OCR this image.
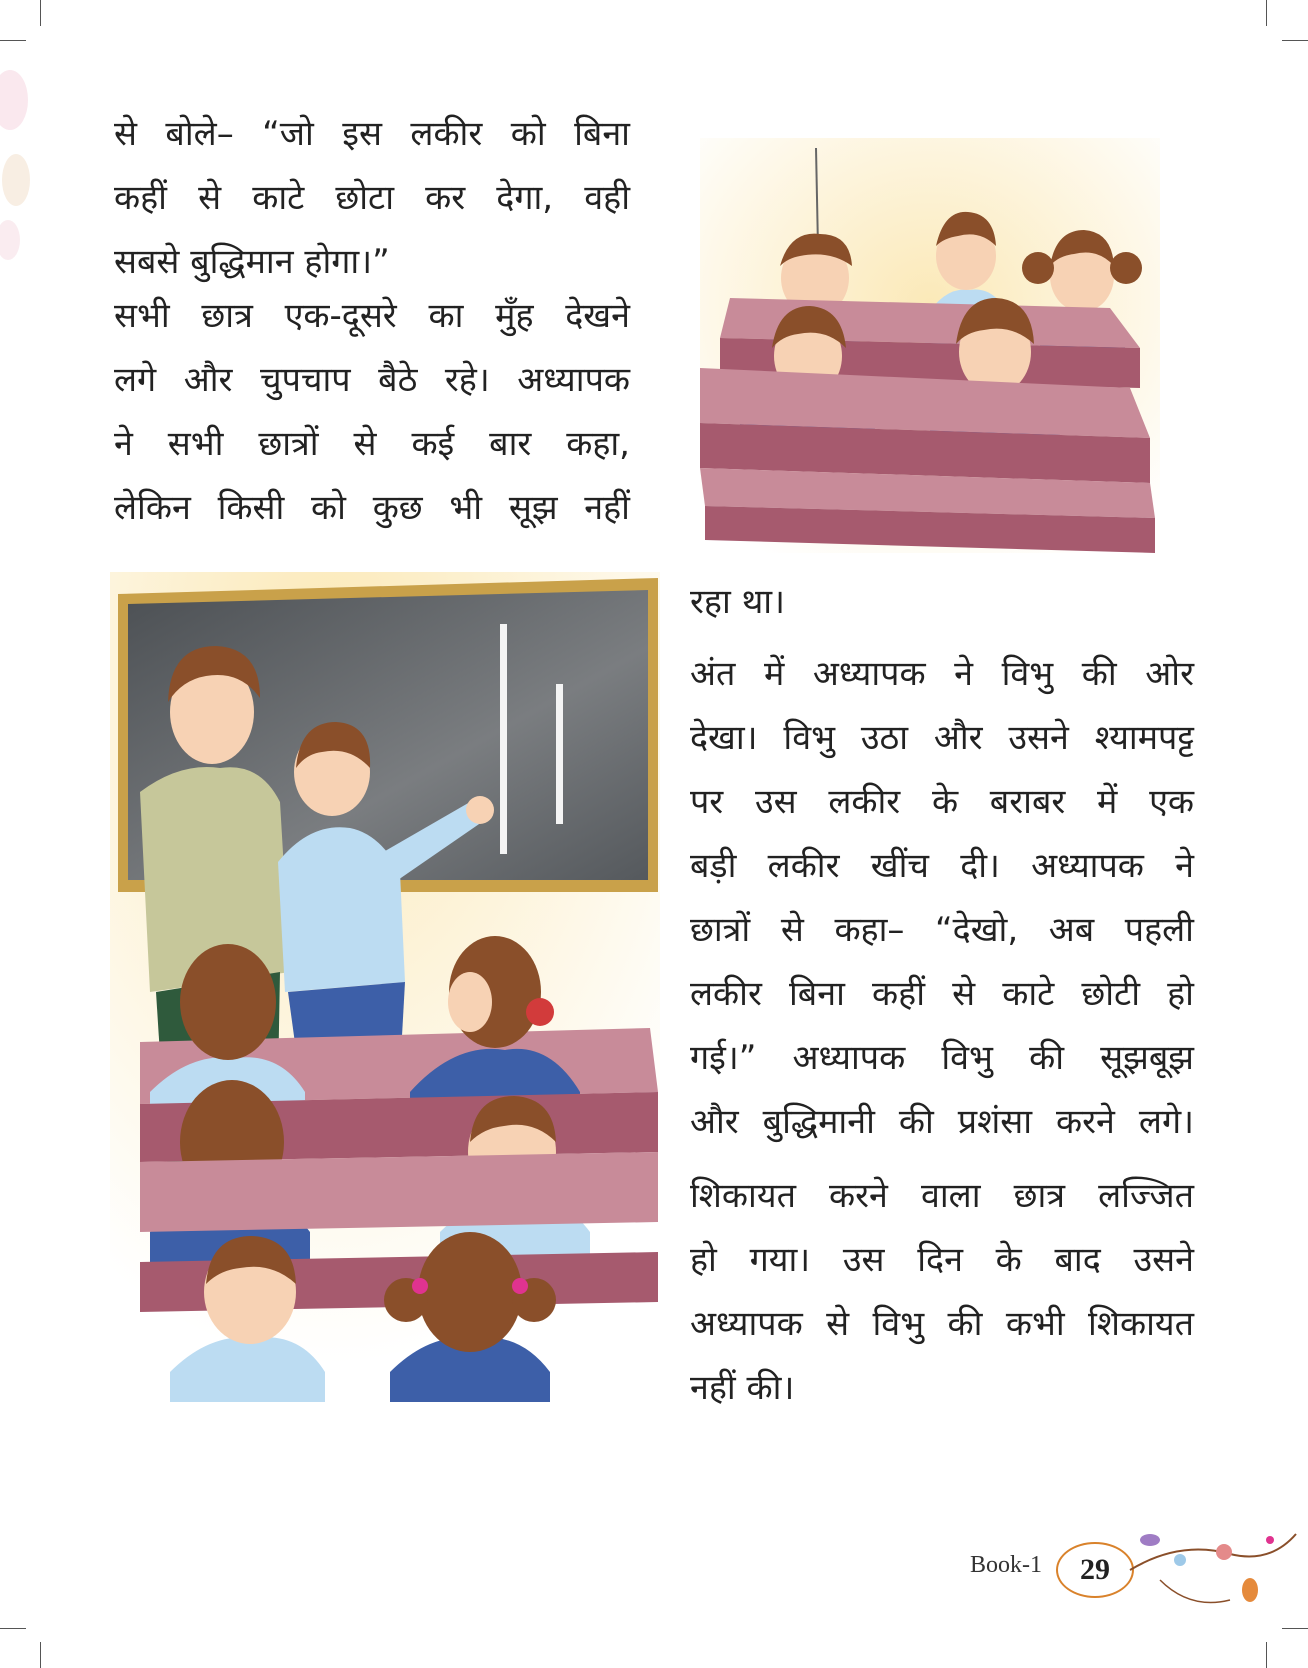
से बोले– “जो इस लकीर को बिना
कहीं से काटे छोटा कर देगा, वही
सबसे बुद्धिमान होगा।”
सभी छात्र एक-दूसरे का मुँह देखने
लगे और चुपचाप बैठे रहे। अध्यापक
ने सभी छात्रों से कई बार कहा,
लेकिन किसी को कुछ भी सूझ नहीं
रहा था।
अंत में अध्यापक ने विभु की ओर
देखा। विभु उठा और उसने श्यामपट्ट
पर उस लकीर के बराबर में एक
बड़ी लकीर खींच दी। अध्यापक ने
छात्रों से कहा– “देखो, अब पहली
लकीर बिना कहीं से काटे छोटी हो
गई।” अध्यापक विभु की सूझबूझ
और बुद्धिमानी की प्रशंसा करने लगे।
शिकायत करने वाला छात्र लज्जित
हो गया। उस दिन के बाद उसने
अध्यापक से विभु की कभी शिकायत
नहीं की।
Book-1 29
